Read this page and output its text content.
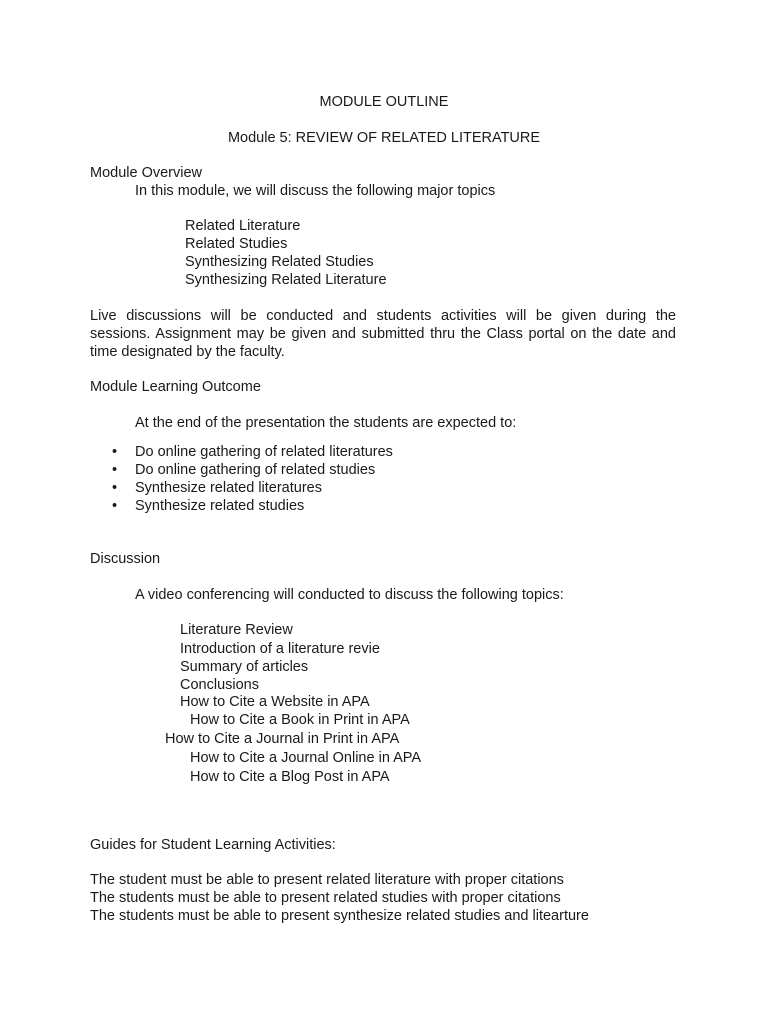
MODULE OUTLINE
Module 5: REVIEW OF RELATED LITERATURE
Module Overview
In this module, we will discuss the following major topics
Related Literature
Related Studies
Synthesizing Related Studies
Synthesizing Related Literature
Live discussions will be conducted and students activities will be given during the
sessions. Assignment may be given and submitted thru the Class portal on the date and
time designated by the faculty.
Module Learning Outcome
At the end of the presentation the students are expected to:
• Do online gathering of related literatures
• Do online gathering of related studies
• Synthesize related literatures
• Synthesize related studies
Discussion
A video conferencing will conducted to discuss the following topics:
Literature Review
Introduction of a literature revie
Summary of articles
Conclusions
How to Cite a Website in APA
How to Cite a Book in Print in APA
How to Cite a Journal in Print in APA
How to Cite a Journal Online in APA
How to Cite a Blog Post in APA
Guides for Student Learning Activities:
The student must be able to present related literature with proper citations
The students must be able to present related studies with proper citations
The students must be able to present synthesize related studies and litearture
